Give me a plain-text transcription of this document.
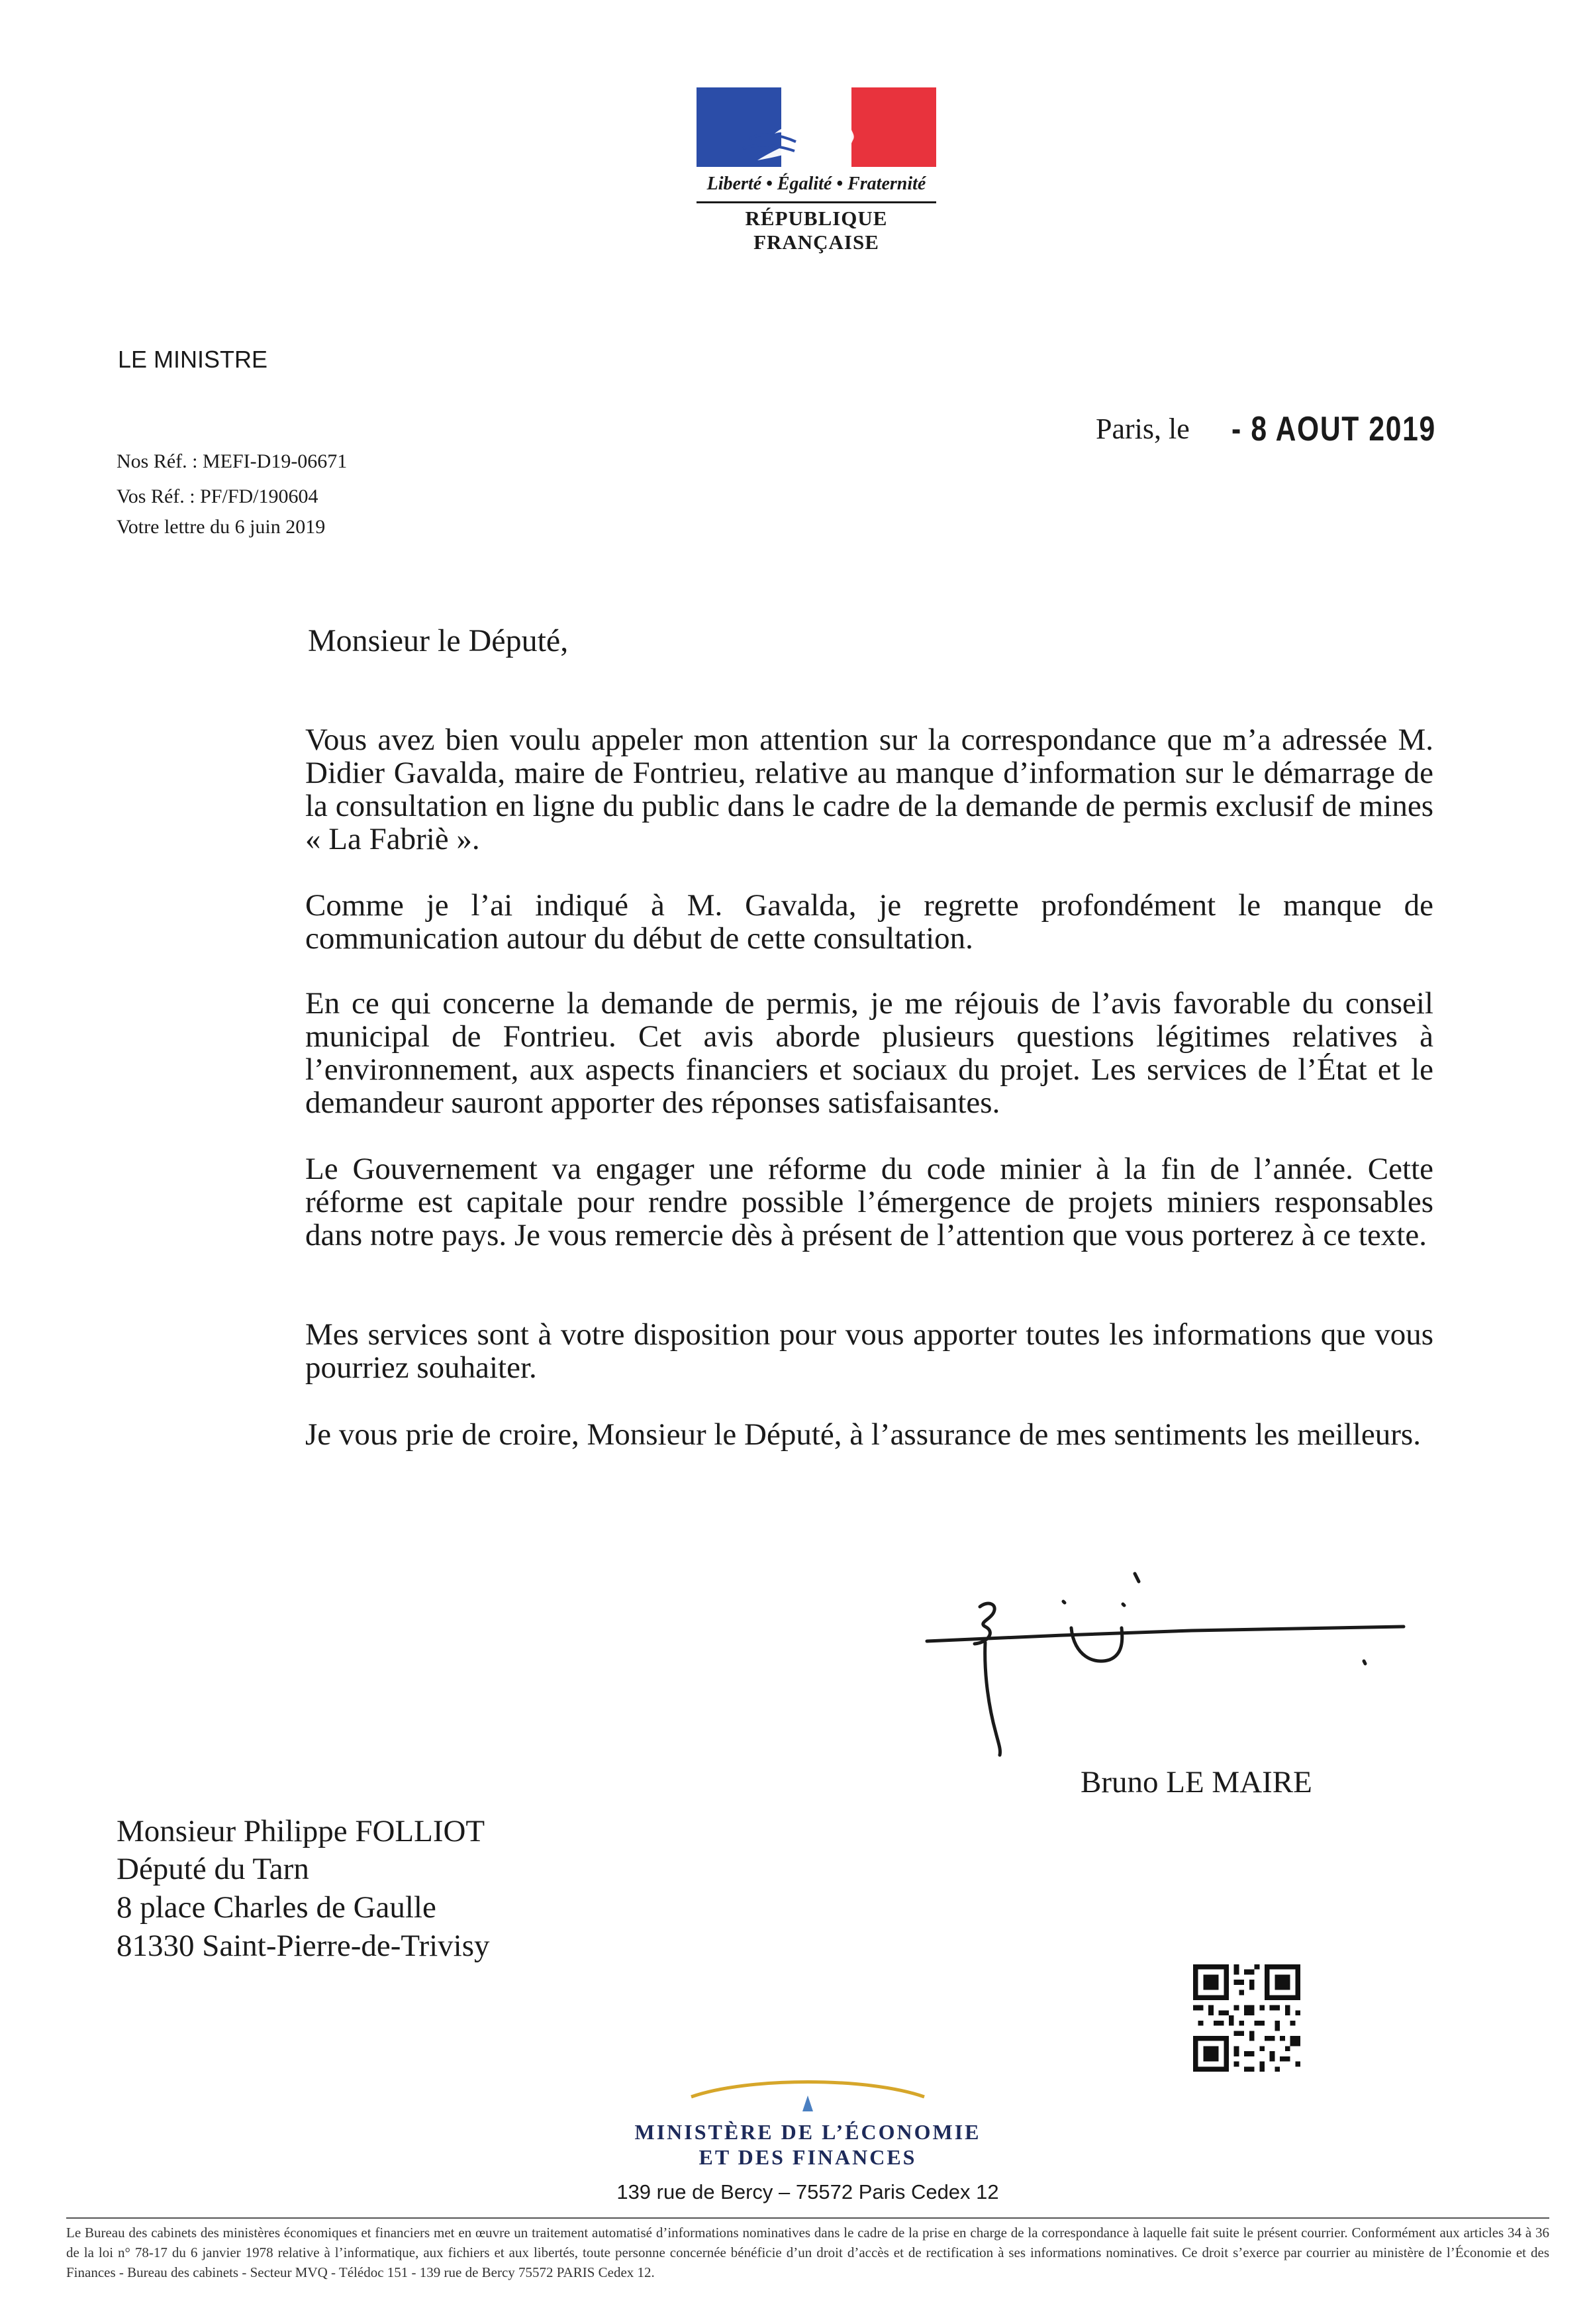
Liberté • Égalité • Fraternité
RÉPUBLIQUE FRANÇAISE
LE MINISTRE
Paris, le - 8 AOUT 2019
Nos Réf. : MEFI-D19-06671
Vos Réf. : PF/FD/190604
Votre lettre du 6 juin 2019
Monsieur le Député,
Vous avez bien voulu appeler mon attention sur la correspondance que m’a adressée M. Didier Gavalda, maire de Fontrieu, relative au manque d’information sur le démarrage de la consultation en ligne du public dans le cadre de la demande de permis exclusif de mines « La Fabriè ».
Comme je l’ai indiqué à M. Gavalda, je regrette profondément le manque de communication autour du début de cette consultation.
En ce qui concerne la demande de permis, je me réjouis de l’avis favorable du conseil municipal de Fontrieu. Cet avis aborde plusieurs questions légitimes relatives à l’environnement, aux aspects financiers et sociaux du projet. Les services de l’État et le demandeur sauront apporter des réponses satisfaisantes.
Le Gouvernement va engager une réforme du code minier à la fin de l’année. Cette réforme est capitale pour rendre possible l’émergence de projets miniers responsables dans notre pays. Je vous remercie dès à présent de l’attention que vous porterez à ce texte.
Mes services sont à votre disposition pour vous apporter toutes les informations que vous pourriez souhaiter.
Je vous prie de croire, Monsieur le Député, à l’assurance de mes sentiments les meilleurs.
Bruno LE MAIRE
Monsieur Philippe FOLLIOT
Député du Tarn
8 place Charles de Gaulle
81330 Saint-Pierre-de-Trivisy
MINISTÈRE DE L’ÉCONOMIE
ET DES FINANCES
139 rue de Bercy – 75572 Paris Cedex 12
Le Bureau des cabinets des ministères économiques et financiers met en œuvre un traitement automatisé d’informations nominatives dans le cadre de la prise en charge de la correspondance à laquelle fait suite le présent courrier. Conformément aux articles 34 à 36 de la loi n° 78-17 du 6 janvier 1978 relative à l’informatique, aux fichiers et aux libertés, toute personne concernée bénéficie d’un droit d’accès et de rectification à ses informations nominatives. Ce droit s’exerce par courrier au ministère de l’Économie et des Finances - Bureau des cabinets - Secteur MVQ - Télédoc 151 - 139 rue de Bercy 75572 PARIS Cedex 12.
